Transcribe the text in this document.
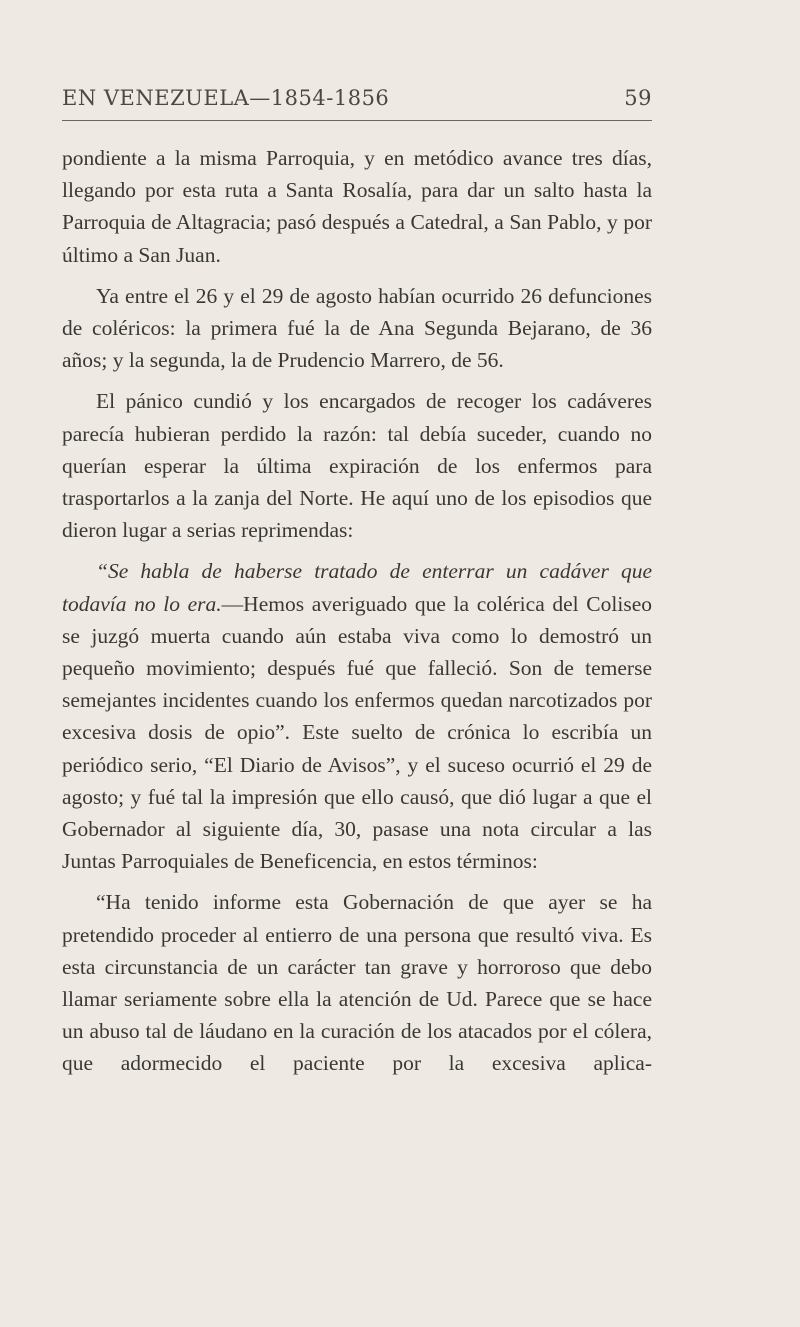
EN VENEZUELA—1854-1856	59

pondiente a la misma Parroquia, y en metódico avance tres días, llegando por esta ruta a Santa Rosalía, para dar un salto hasta la Parroquia de Altagracia; pasó después a Catedral, a San Pablo, y por último a San Juan.

Ya entre el 26 y el 29 de agosto habían ocurrido 26 defunciones de coléricos: la primera fué la de Ana Segunda Bejarano, de 36 años; y la segunda, la de Prudencio Marrero, de 56.

El pánico cundió y los encargados de recoger los cadáveres parecía hubieran perdido la razón: tal debía suceder, cuando no querían esperar la última expiración de los enfermos para trasportarlos a la zanja del Norte. He aquí uno de los episodios que dieron lugar a serias reprimendas:

“Se habla de haberse tratado de enterrar un cadáver que todavía no lo era.—Hemos averiguado que la colérica del Coliseo se juzgó muerta cuando aún estaba viva como lo demostró un pequeño movimiento; después fué que falleció. Son de temerse semejantes incidentes cuando los enfermos quedan narcotizados por excesiva dosis de opio”. Este suelto de crónica lo escribía un periódico serio, “El Diario de Avisos”, y el suceso ocurrió el 29 de agosto; y fué tal la impresión que ello causó, que dió lugar a que el Gobernador al siguiente día, 30, pasase una nota circular a las Juntas Parroquiales de Beneficencia, en estos términos:

“Ha tenido informe esta Gobernación de que ayer se ha pretendido proceder al entierro de una persona que resultó viva. Es esta circunstancia de un carácter tan grave y horroroso que debo llamar seriamente sobre ella la atención de Ud. Parece que se hace un abuso tal de láudano en la curación de los atacados por el cólera, que adormecido el paciente por la excesiva aplica-
